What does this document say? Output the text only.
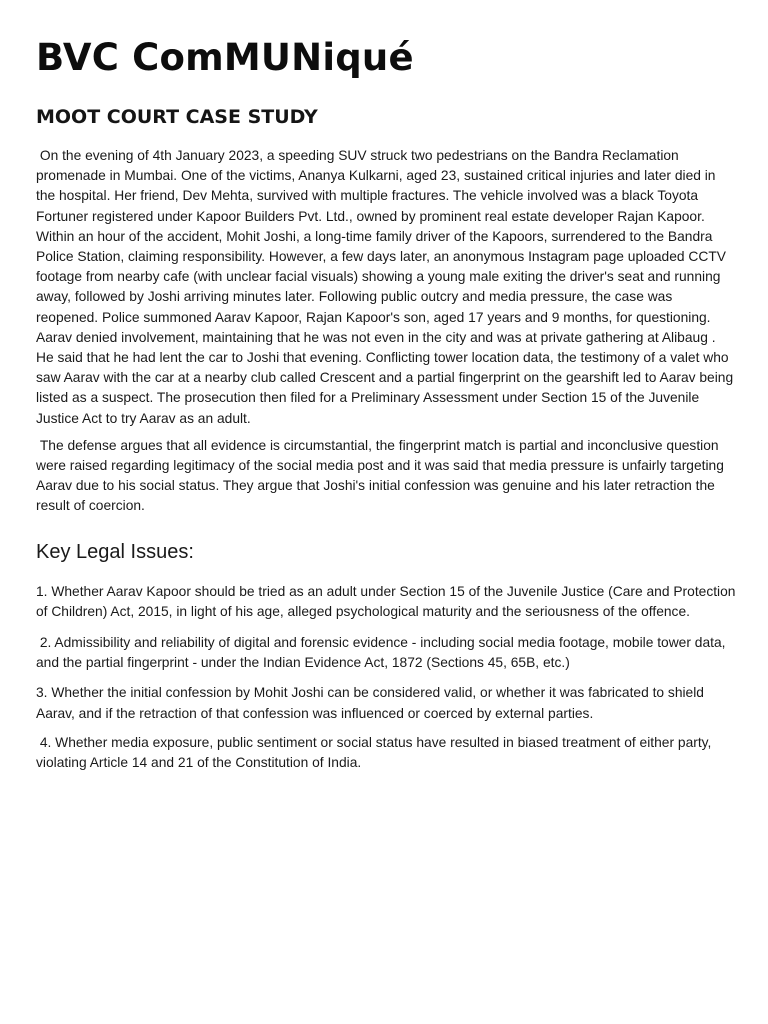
BVC ComMUNiqué
MOOT COURT CASE STUDY

On the evening of 4th January 2023, a speeding SUV struck two pedestrians on the Bandra Reclamation promenade in Mumbai. One of the victims, Ananya Kulkarni, aged 23, sustained critical injuries and later died in the hospital. Her friend, Dev Mehta, survived with multiple fractures. The vehicle involved was a black Toyota Fortuner registered under Kapoor Builders Pvt. Ltd., owned by prominent real estate developer Rajan Kapoor. Within an hour of the accident, Mohit Joshi, a long-time family driver of the Kapoors, surrendered to the Bandra Police Station, claiming responsibility. However, a few days later, an anonymous Instagram page uploaded CCTV footage from nearby cafe (with unclear facial visuals) showing a young male exiting the driver's seat and running away, followed by Joshi arriving minutes later. Following public outcry and media pressure, the case was reopened. Police summoned Aarav Kapoor, Rajan Kapoor's son, aged 17 years and 9 months, for questioning. Aarav denied involvement, maintaining that he was not even in the city and was at private gathering at Alibaug . He said that he had lent the car to Joshi that evening. Conflicting tower location data, the testimony of a valet who saw Aarav with the car at a nearby club called Crescent and a partial fingerprint on the gearshift led to Aarav being listed as a suspect. The prosecution then filed for a Preliminary Assessment under Section 15 of the Juvenile Justice Act to try Aarav as an adult.

The defense argues that all evidence is circumstantial, the fingerprint match is partial and inconclusive question were raised regarding legitimacy of the social media post and it was said that media pressure is unfairly targeting Aarav due to his social status. They argue that Joshi's initial confession was genuine and his later retraction the result of coercion.

Key Legal Issues:

1. Whether Aarav Kapoor should be tried as an adult under Section 15 of the Juvenile Justice (Care and Protection of Children) Act, 2015, in light of his age, alleged psychological maturity and the seriousness of the offence.

2. Admissibility and reliability of digital and forensic evidence - including social media footage, mobile tower data, and the partial fingerprint - under the Indian Evidence Act, 1872 (Sections 45, 65B, etc.)

3. Whether the initial confession by Mohit Joshi can be considered valid, or whether it was fabricated to shield Aarav, and if the retraction of that confession was influenced or coerced by external parties.

4. Whether media exposure, public sentiment or social status have resulted in biased treatment of either party, violating Article 14 and 21 of the Constitution of India.
